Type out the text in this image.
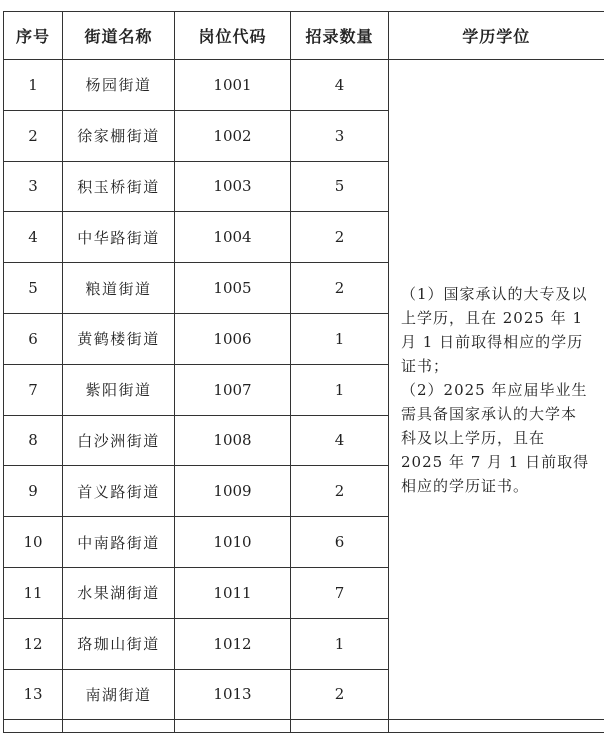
序号	街道名称	岗位代码	招录数量	学历学位
1	杨园街道	1001	4	（1）国家承认的大专及以上学历，且在 2025 年 1 月 1 日前取得相应的学历证书；

（2）2025 年应届毕业生需具备国家承认的大学本科及以上学历，且在 2025 年 7 月 1 日前取得相应的学历证书。

2	徐家棚街道	1002	3	
3	积玉桥街道	1003	5	
4	中华路街道	1004	2	
5	粮道街道	1005	2	
6	黄鹤楼街道	1006	1	
7	紫阳街道	1007	1	
8	白沙洲街道	1008	4	
9	首义路街道	1009	2	
10	中南路街道	1010	6	
11	水果湖街道	1011	7	
12	珞珈山街道	1012	1	
13	南湖街道	1013	2	
